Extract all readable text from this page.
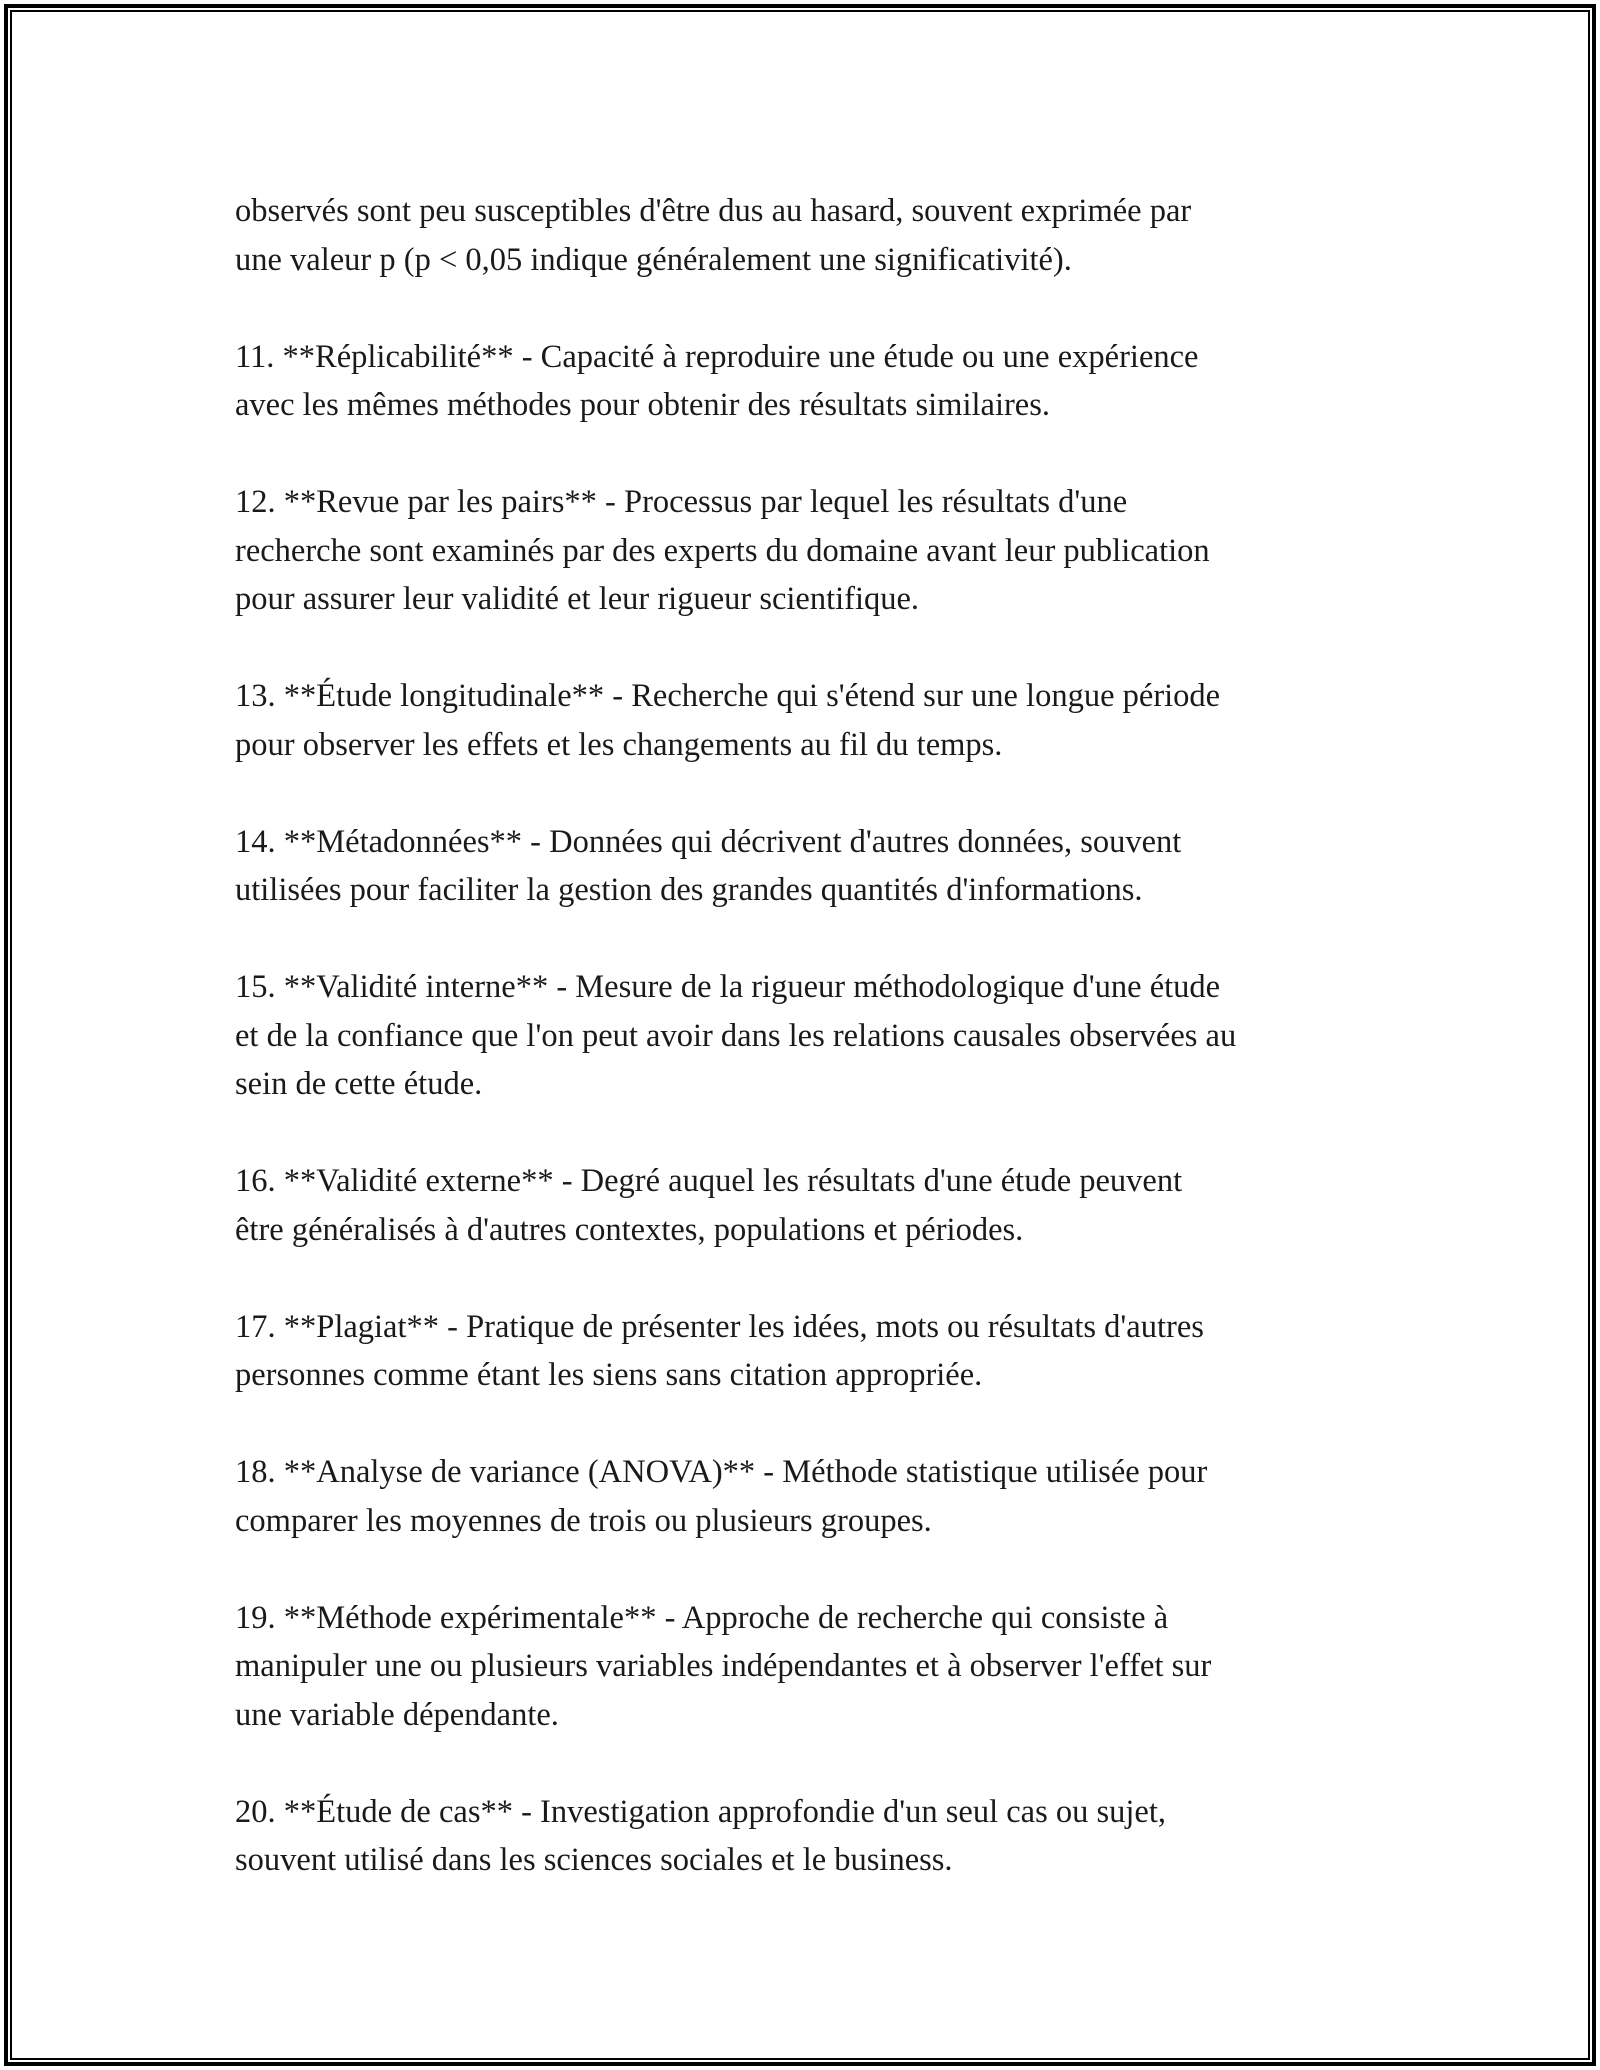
observés sont peu susceptibles d'être dus au hasard, souvent exprimée par
une valeur p (p < 0,05 indique généralement une significativité).

11. **Réplicabilité** - Capacité à reproduire une étude ou une expérience
avec les mêmes méthodes pour obtenir des résultats similaires.

12. **Revue par les pairs** - Processus par lequel les résultats d'une
recherche sont examinés par des experts du domaine avant leur publication
pour assurer leur validité et leur rigueur scientifique.

13. **Étude longitudinale** - Recherche qui s'étend sur une longue période
pour observer les effets et les changements au fil du temps.

14. **Métadonnées** - Données qui décrivent d'autres données, souvent
utilisées pour faciliter la gestion des grandes quantités d'informations.

15. **Validité interne** - Mesure de la rigueur méthodologique d'une étude
et de la confiance que l'on peut avoir dans les relations causales observées au
sein de cette étude.

16. **Validité externe** - Degré auquel les résultats d'une étude peuvent
être généralisés à d'autres contextes, populations et périodes.

17. **Plagiat** - Pratique de présenter les idées, mots ou résultats d'autres
personnes comme étant les siens sans citation appropriée.

18. **Analyse de variance (ANOVA)** - Méthode statistique utilisée pour
comparer les moyennes de trois ou plusieurs groupes.

19. **Méthode expérimentale** - Approche de recherche qui consiste à
manipuler une ou plusieurs variables indépendantes et à observer l'effet sur
une variable dépendante.

20. **Étude de cas** - Investigation approfondie d'un seul cas ou sujet,
souvent utilisé dans les sciences sociales et le business.
